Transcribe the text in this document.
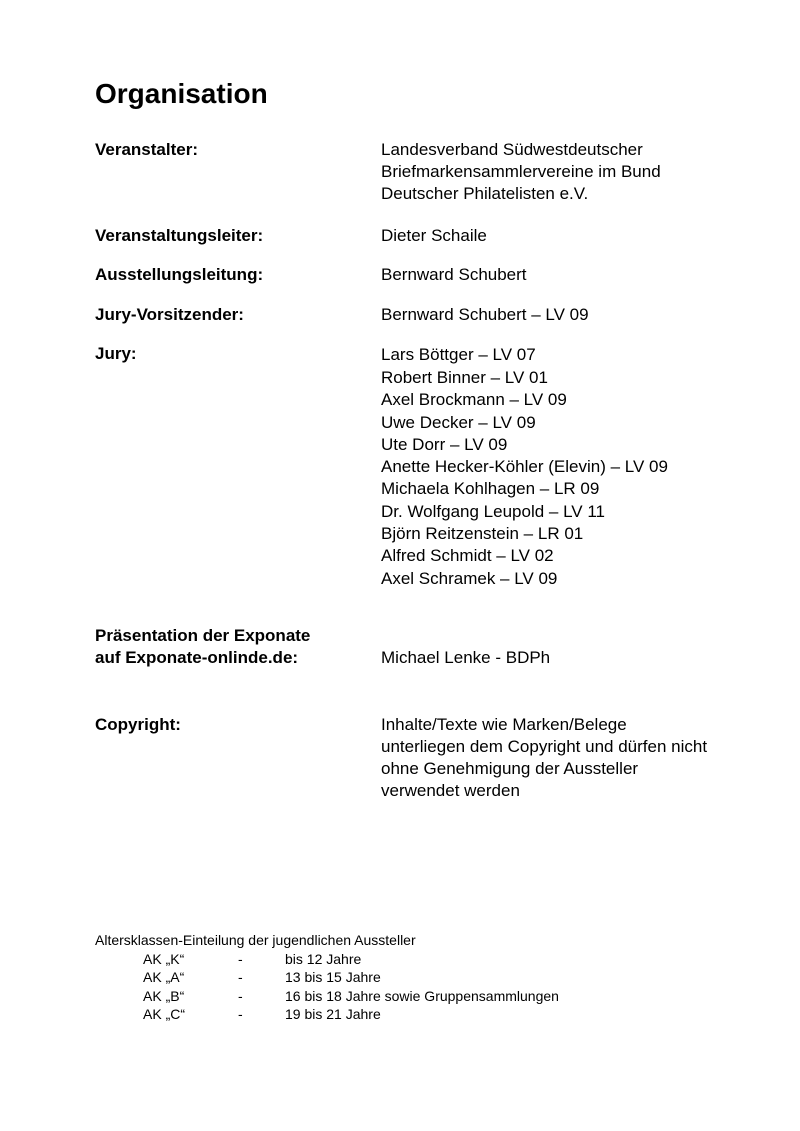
Organisation
Veranstalter:	Landesverband Südwestdeutscher
Briefmarkensammlervereine im Bund
Deutscher Philatelisten e.V.
Veranstaltungsleiter:	Dieter Schaile
Ausstellungsleitung:	Bernward Schubert
Jury-Vorsitzender:	Bernward Schubert – LV 09
Jury:	Lars Böttger – LV 07
Robert Binner – LV 01
Axel Brockmann – LV 09
Uwe Decker – LV 09
Ute Dorr – LV 09
Anette Hecker-Köhler (Elevin) – LV 09
Michaela Kohlhagen – LR 09
Dr. Wolfgang Leupold – LV 11
Björn Reitzenstein – LR 01
Alfred Schmidt – LV 02
Axel Schramek – LV 09
Präsentation der Exponate
auf Exponate-onlinde.de:	Michael Lenke - BDPh
Copyright:	Inhalte/Texte wie Marken/Belege
unterliegen dem Copyright und dürfen nicht
ohne Genehmigung der Aussteller
verwendet werden
Altersklassen-Einteilung der jugendlichen Aussteller
AK „K“	-	bis 12 Jahre
AK „A“	-	13 bis 15 Jahre
AK „B“	-	16 bis 18 Jahre sowie Gruppensammlungen
AK „C“	-	19 bis 21 Jahre
